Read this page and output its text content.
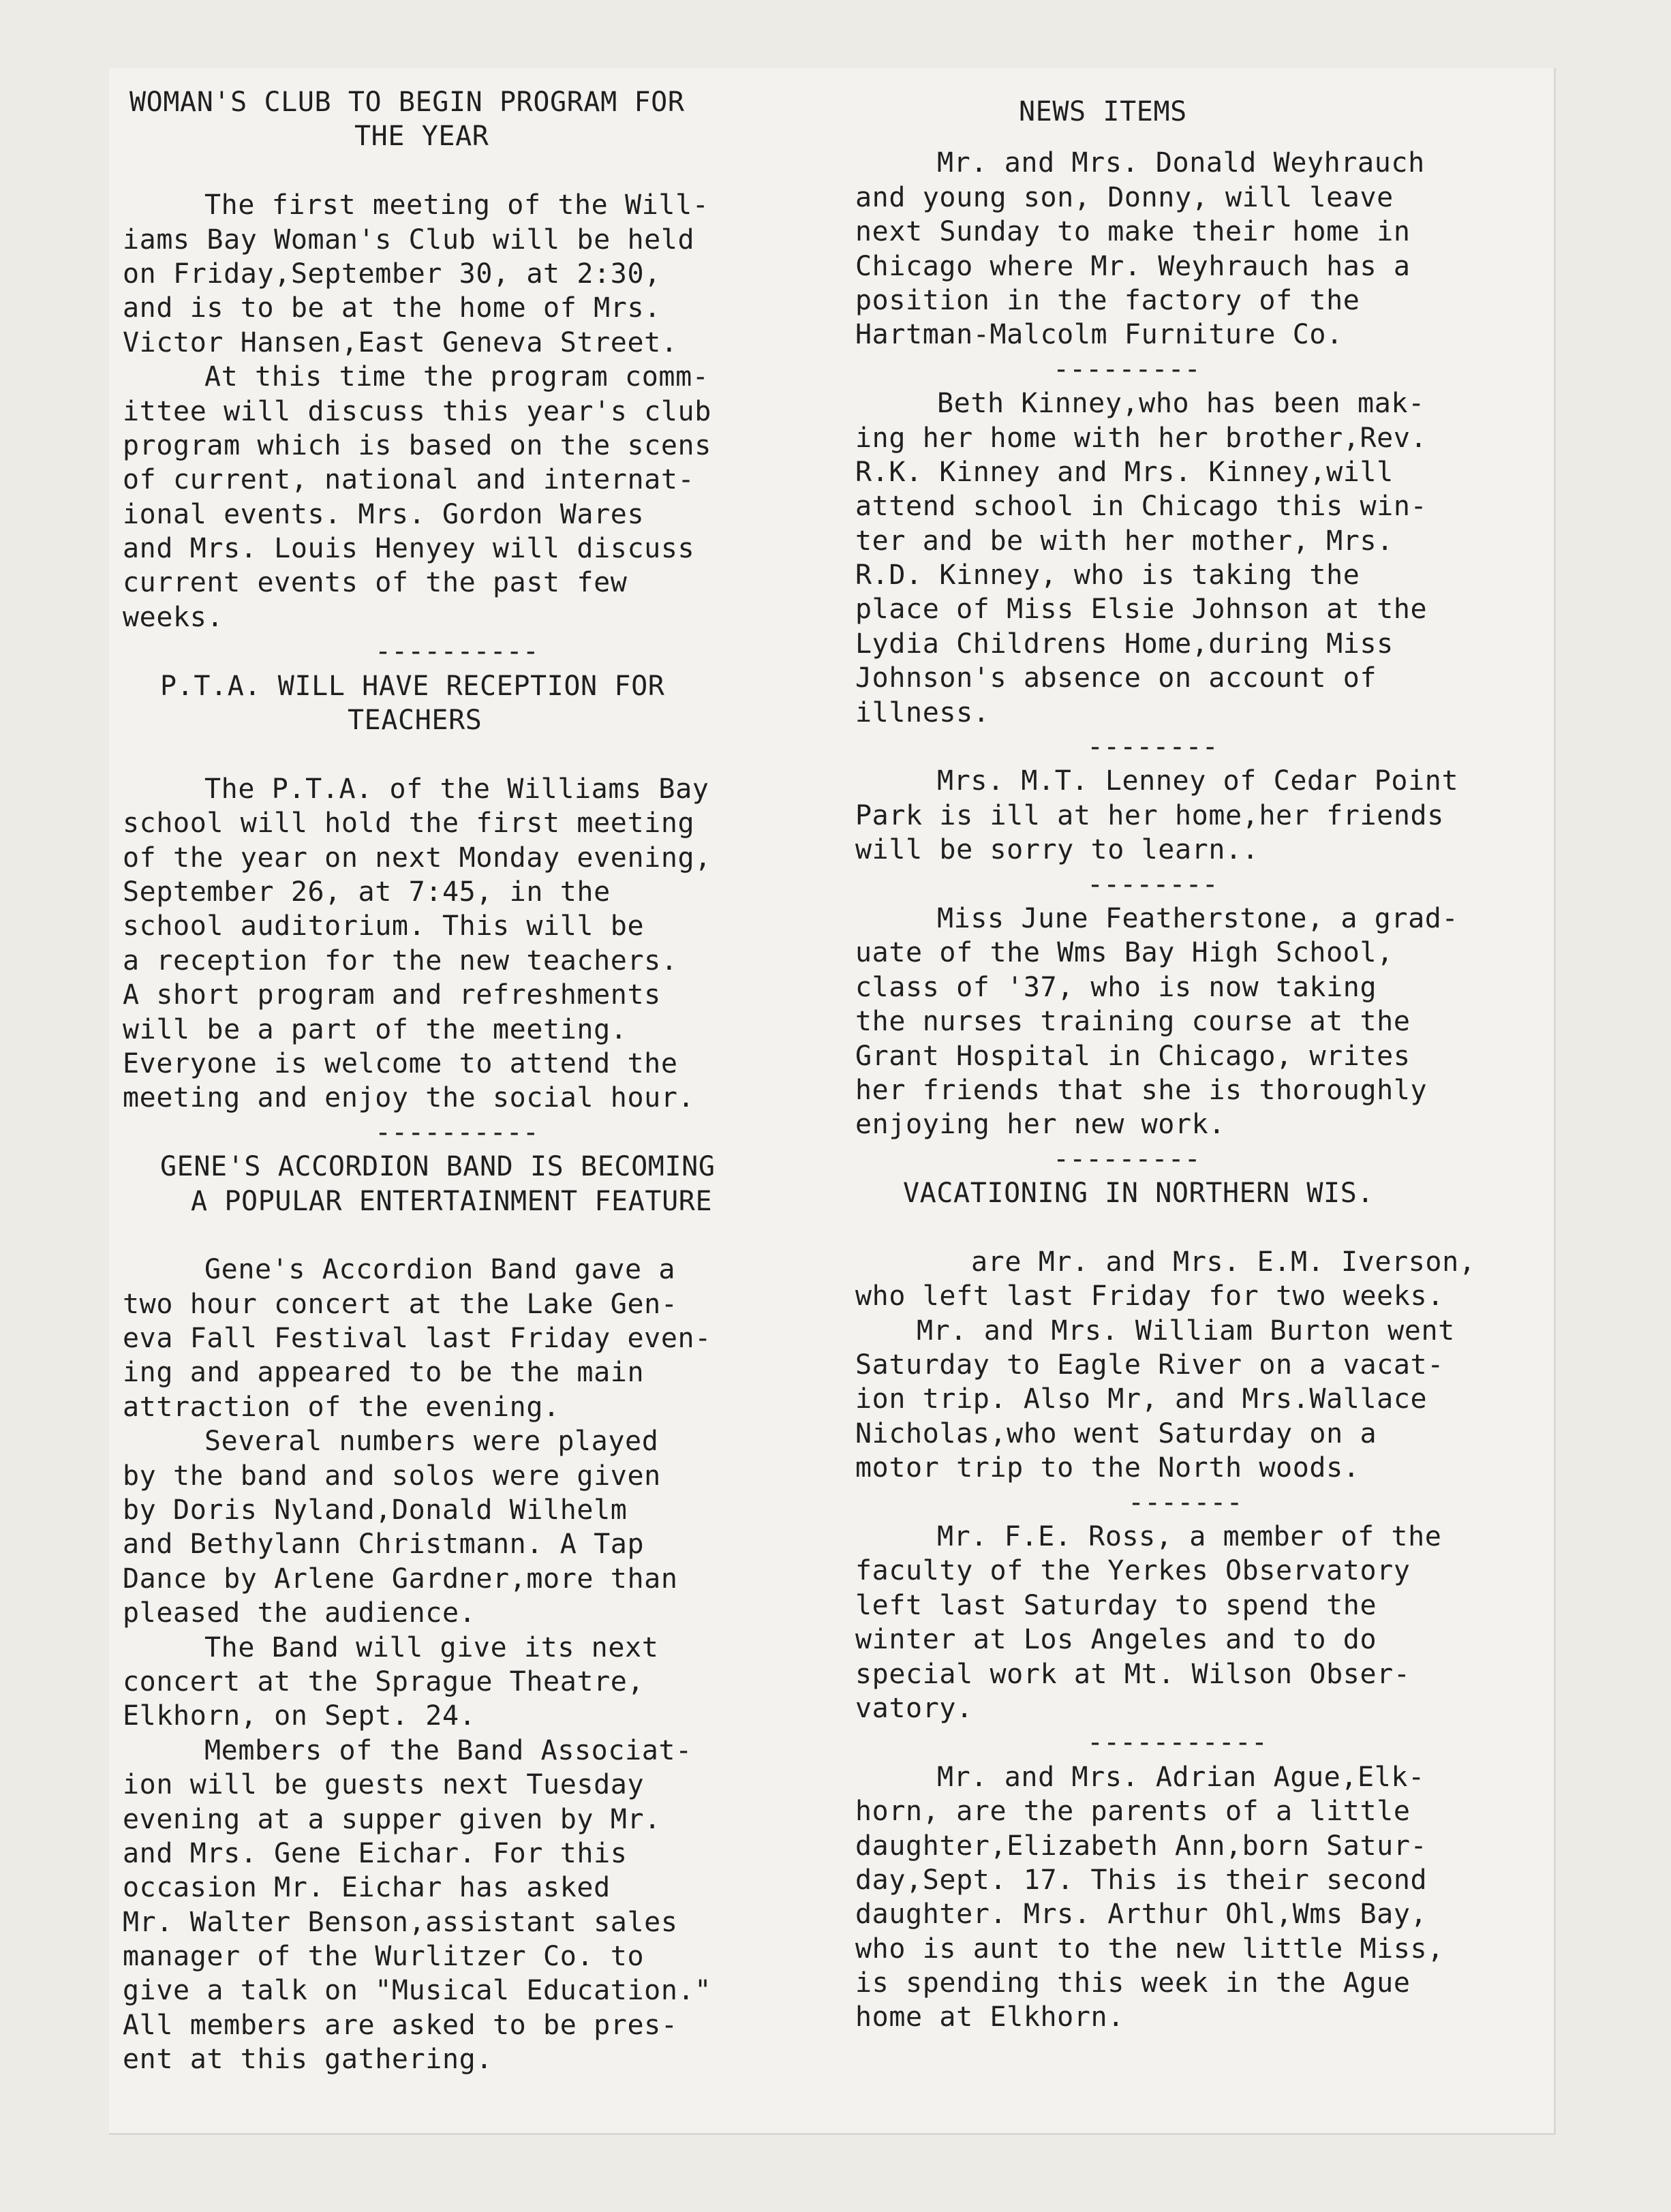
WOMAN'S CLUB TO BEGIN PROGRAM FOR
THE YEAR
The first meeting of the Will-
iams Bay Woman's Club will be held
on Friday,September 30, at 2:30,
and is to be at the home of Mrs.
Victor Hansen,East Geneva Street.
At this time the program comm-
ittee will discuss this year's club
program which is based on the scens
of current, national and internat-
ional events. Mrs. Gordon Wares
and Mrs. Louis Henyey will discuss
current events of the past few
weeks.
----------
P.T.A. WILL HAVE RECEPTION FOR
TEACHERS
The P.T.A. of the Williams Bay
school will hold the first meeting
of the year on next Monday evening,
September 26, at 7:45, in the
school auditorium. This will be
a reception for the new teachers.
A short program and refreshments
will be a part of the meeting.
Everyone is welcome to attend the
meeting and enjoy the social hour.
----------
GENE'S ACCORDION BAND IS BECOMING
A POPULAR ENTERTAINMENT FEATURE
Gene's Accordion Band gave a
two hour concert at the Lake Gen-
eva Fall Festival last Friday even-
ing and appeared to be the main
attraction of the evening.
Several numbers were played
by the band and solos were given
by Doris Nyland,Donald Wilhelm
and Bethylann Christmann. A Tap
Dance by Arlene Gardner,more than
pleased the audience.
The Band will give its next
concert at the Sprague Theatre,
Elkhorn, on Sept. 24.
Members of the Band Associat-
ion will be guests next Tuesday
evening at a supper given by Mr.
and Mrs. Gene Eichar. For this
occasion Mr. Eichar has asked
Mr. Walter Benson,assistant sales
manager of the Wurlitzer Co. to
give a talk on "Musical Education."
All members are asked to be pres-
ent at this gathering.
NEWS ITEMS
Mr. and Mrs. Donald Weyhrauch
and young son, Donny, will leave
next Sunday to make their home in
Chicago where Mr. Weyhrauch has a
position in the factory of the
Hartman-Malcolm Furniture Co.
---------
Beth Kinney,who has been mak-
ing her home with her brother,Rev.
R.K. Kinney and Mrs. Kinney,will
attend school in Chicago this win-
ter and be with her mother, Mrs.
R.D. Kinney, who is taking the
place of Miss Elsie Johnson at the
Lydia Childrens Home,during Miss
Johnson's absence on account of
illness.
--------
Mrs. M.T. Lenney of Cedar Point
Park is ill at her home,her friends
will be sorry to learn..
--------
Miss June Featherstone, a grad-
uate of the Wms Bay High School,
class of '37, who is now taking
the nurses training course at the
Grant Hospital in Chicago, writes
her friends that she is thoroughly
enjoying her new work.
---------
VACATIONING IN NORTHERN WIS.
are Mr. and Mrs. E.M. Iverson,
who left last Friday for two weeks.
Mr. and Mrs. William Burton went
Saturday to Eagle River on a vacat-
ion trip. Also Mr, and Mrs.Wallace
Nicholas,who went Saturday on a
motor trip to the North woods.
-------
Mr. F.E. Ross, a member of the
faculty of the Yerkes Observatory
left last Saturday to spend the
winter at Los Angeles and to do
special work at Mt. Wilson Obser-
vatory.
-----------
Mr. and Mrs. Adrian Ague,Elk-
horn, are the parents of a little
daughter,Elizabeth Ann,born Satur-
day,Sept. 17. This is their second
daughter. Mrs. Arthur Ohl,Wms Bay,
who is aunt to the new little Miss,
is spending this week in the Ague
home at Elkhorn.
